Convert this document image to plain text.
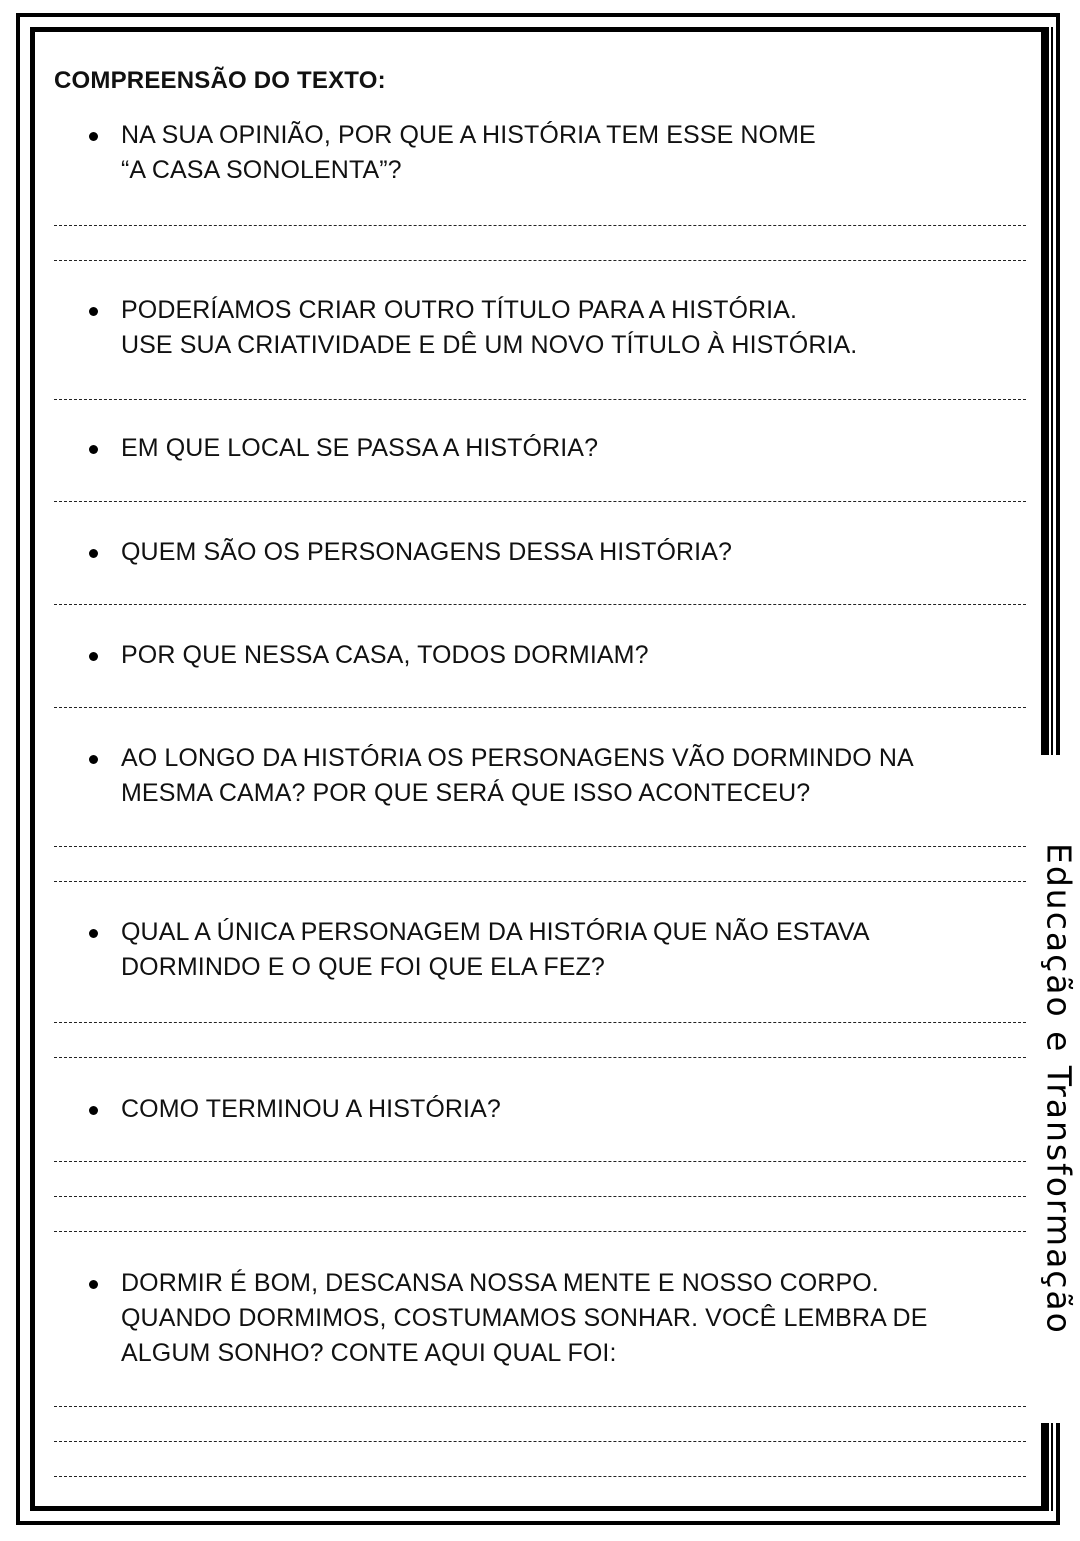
Educação e Transformação
COMPREENSÃO DO TEXTO:
NA SUA OPINIÃO, POR QUE A HISTÓRIA TEM ESSE NOME
“A CASA SONOLENTA”?
PODERÍAMOS CRIAR OUTRO TÍTULO PARA A HISTÓRIA.
USE SUA CRIATIVIDADE E DÊ UM NOVO TÍTULO À HISTÓRIA.
EM QUE LOCAL SE PASSA A HISTÓRIA?
QUEM SÃO OS PERSONAGENS DESSA HISTÓRIA?
POR QUE NESSA CASA, TODOS DORMIAM?
AO LONGO DA HISTÓRIA OS PERSONAGENS VÃO DORMINDO NA
MESMA CAMA? POR QUE SERÁ QUE ISSO ACONTECEU?
QUAL A ÚNICA PERSONAGEM DA HISTÓRIA QUE NÃO ESTAVA
DORMINDO E O QUE FOI QUE ELA FEZ?
COMO TERMINOU A HISTÓRIA?
DORMIR É BOM, DESCANSA NOSSA MENTE E NOSSO CORPO.
QUANDO DORMIMOS, COSTUMAMOS SONHAR. VOCÊ LEMBRA DE
ALGUM SONHO? CONTE AQUI QUAL FOI:
